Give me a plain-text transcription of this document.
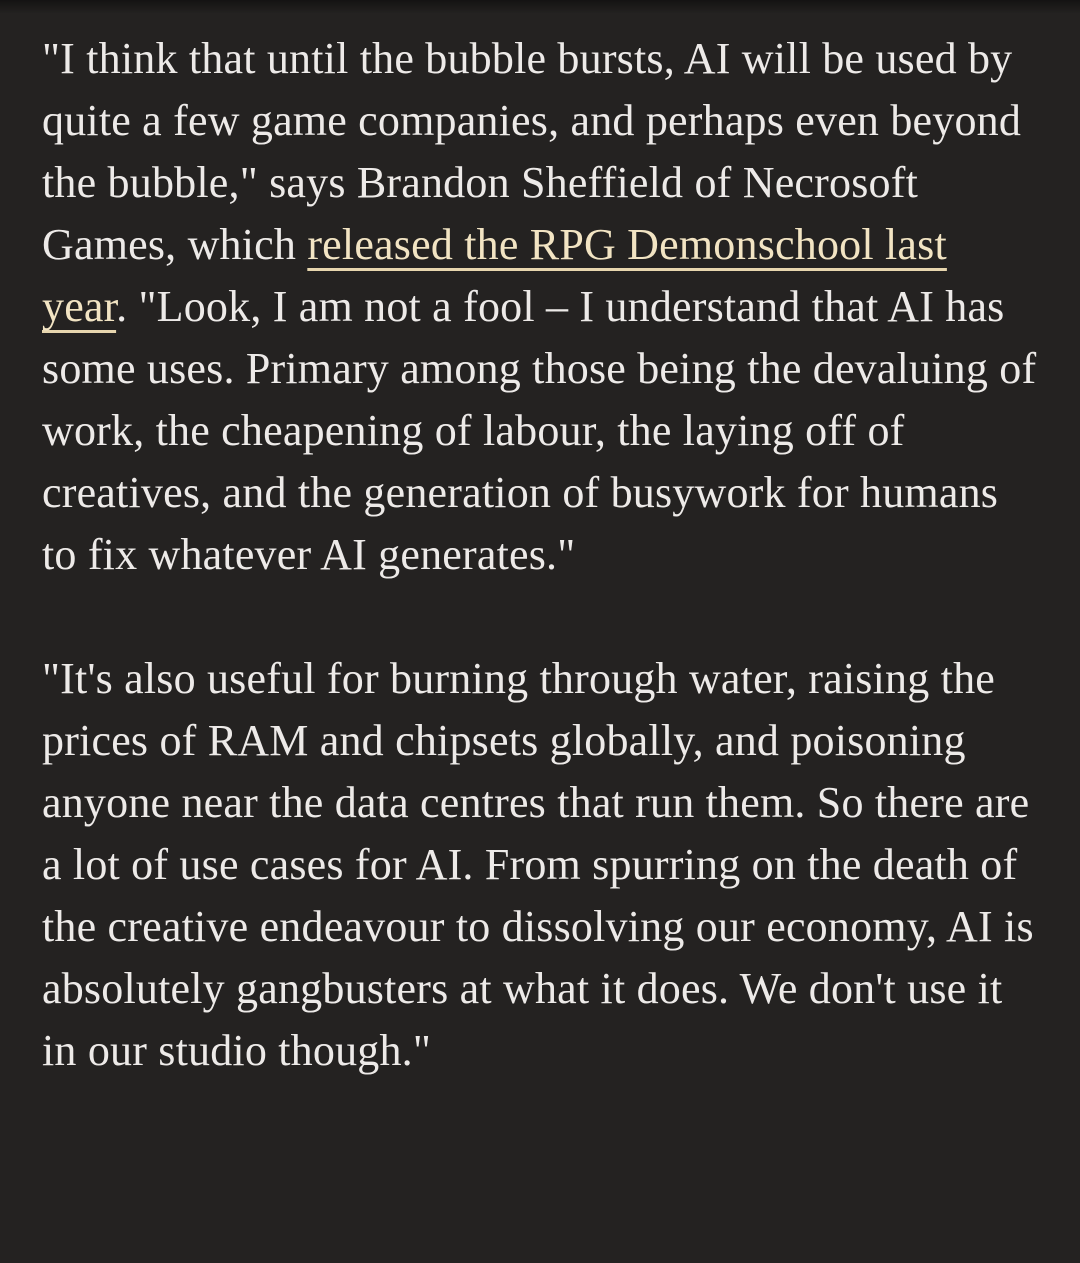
"I think that until the bubble bursts, AI will be used by quite a few game companies, and perhaps even beyond the bubble," says Brandon Sheffield of Necrosoft Games, which released the RPG Demonschool last year. "Look, I am not a fool – I understand that AI has some uses. Primary among those being the devaluing of work, the cheapening of labour, the laying off of creatives, and the generation of busywork for humans to fix whatever AI generates."

"It's also useful for burning through water, raising the prices of RAM and chipsets globally, and poisoning anyone near the data centres that run them. So there are a lot of use cases for AI. From spurring on the death of the creative endeavour to dissolving our economy, AI is absolutely gangbusters at what it does. We don't use it in our studio though."
